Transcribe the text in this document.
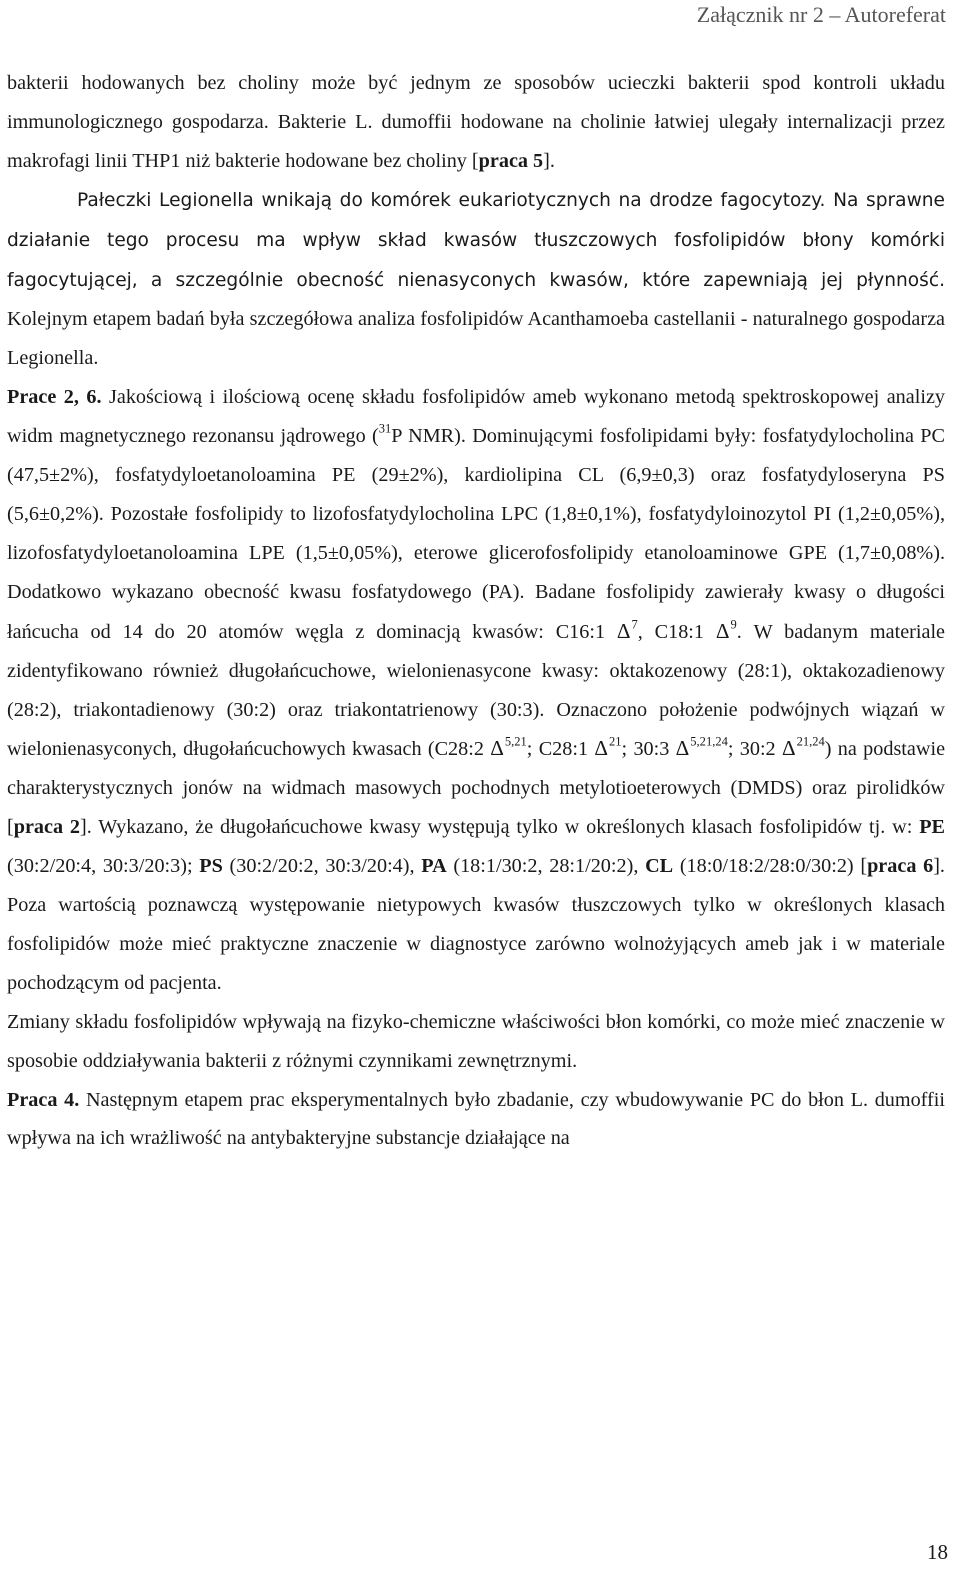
Załącznik nr 2 – Autoreferat

bakterii hodowanych bez choliny może być jednym ze sposobów ucieczki bakterii spod kontroli układu immunologicznego gospodarza. Bakterie L. dumoffii hodowane na cholinie łatwiej ulegały internalizacji przez makrofagi linii THP1 niż bakterie hodowane bez choliny [praca 5].

Pałeczki Legionella wnikają do komórek eukariotycznych na drodze fagocytozy. Na sprawne działanie tego procesu ma wpływ skład kwasów tłuszczowych fosfolipidów błony komórki fagocytującej, a szczególnie obecność nienasyconych kwasów, które zapewniają jej płynność. Kolejnym etapem badań była szczegółowa analiza fosfolipidów Acanthamoeba castellanii - naturalnego gospodarza Legionella.

Prace 2, 6. Jakościową i ilościową ocenę składu fosfolipidów ameb wykonano metodą spektroskopowej analizy widm magnetycznego rezonansu jądrowego ($^{31}$P NMR). Dominującymi fosfolipidami były: fosfatydylocholina PC (47,5±2%), fosfatydyloetanoloamina PE (29±2%), kardiolipina CL (6,9±0,3) oraz fosfatydyloseryna PS (5,6±0,2%). Pozostałe fosfolipidy to lizofosfatydylocholina LPC (1,8±0,1%), fosfatydyloinozytol PI (1,2±0,05%), lizofosfatydyloetanoloamina LPE (1,5±0,05%), eterowe glicerofosfolipidy etanoloaminowe GPE (1,7±0,08%). Dodatkowo wykazano obecność kwasu fosfatydowego (PA). Badane fosfolipidy zawierały kwasy o długości łańcucha od 14 do 20 atomów węgla z dominacją kwasów: C16:1 $\Delta^7$, C18:1 $\Delta^9$. W badanym materiale zidentyfikowano również długołańcuchowe, wielonienasycone kwasy: oktakozenowy (28:1), oktakozadienowy (28:2), triakontadienowy (30:2) oraz triakontatrienowy (30:3). Oznaczono położenie podwójnych wiązań w wielonienasyconych, długołańcuchowych kwasach (C28:2 Δ$^{5,21}$; C28:1 $\Delta^{21}$; 30:3 Δ$^{5,21,24}$; 30:2 Δ$^{21,24}$) na podstawie charakterystycznych jonów na widmach masowych pochodnych metylotioeterowych (DMDS) oraz pirolidków [praca 2]. Wykazano, że długołańcuchowe kwasy występują tylko w określonych klasach fosfolipidów tj. w: PE (30:2/20:4, 30:3/20:3); PS (30:2/20:2, 30:3/20:4), PA (18:1/30:2, 28:1/20:2), CL (18:0/18:2/28:0/30:2) [praca 6]. Poza wartością poznawczą występowanie nietypowych kwasów tłuszczowych tylko w określonych klasach fosfolipidów może mieć praktyczne znaczenie w diagnostyce zarówno wolnożyjących ameb jak i w materiale pochodzącym od pacjenta.

Zmiany składu fosfolipidów wpływają na fizyko-chemiczne właściwości błon komórki, co może mieć znaczenie w sposobie oddziaływania bakterii z różnymi czynnikami zewnętrznymi.

Praca 4. Następnym etapem prac eksperymentalnych było zbadanie, czy wbudowywanie PC do błon L. dumoffii wpływa na ich wrażliwość na antybakteryjne substancje działające na

18
